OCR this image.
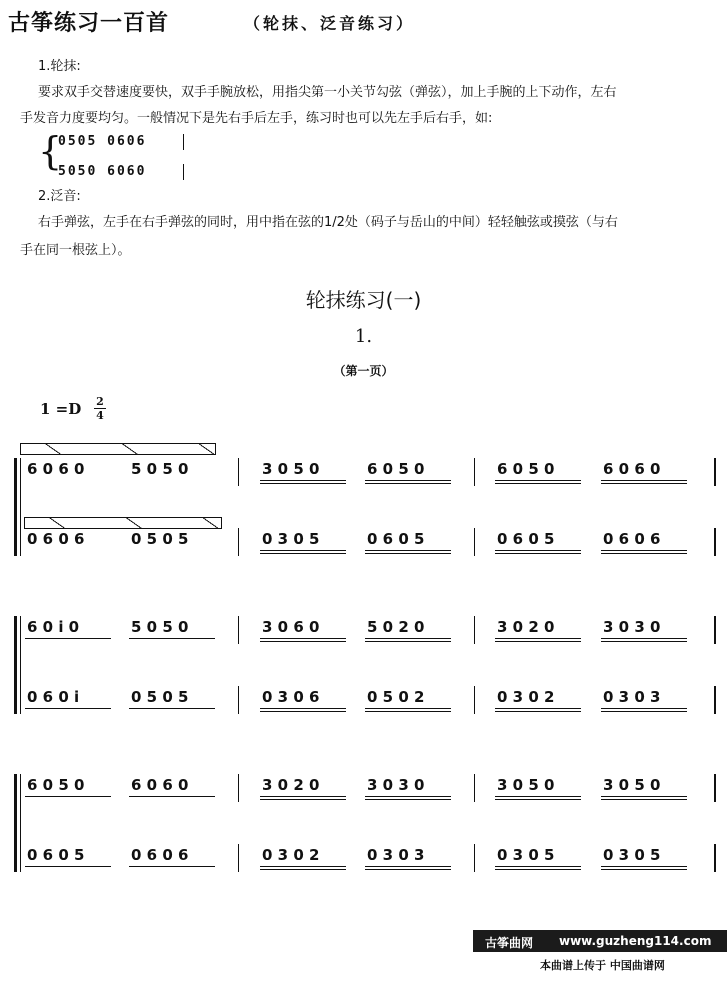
古筝练习一百首	（轮抹、泛音练习）
1.轮抹:
要求双手交替速度要快，双手手腕放松，用指尖第一小关节勾弦（弹弦），加上手腕的上下动作，左右
手发音力度要均匀。一般情况下是先右手后左手，练习时也可以先左手后右手，如:
{
0505 0606
5050 6060
2.泛音:
右手弹弦，左手在右手弹弦的同时，用中指在弦的1/2处（码子与岳山的中间）轻轻触弦或摸弦（与右
手在同一根弦上）。
轮抹练习(一)
1.
（第一页）
1 =D 2
4
6 0 6 0	5 0 5 0	3 0 5 0	6 0 5 0	6 0 5 0	6 0 6 0
0 6 0 6	0 5 0 5	0 3 0 5	0 6 0 5	0 6 0 5	0 6 0 6
6 0 i 0	5 0 5 0	3 0 6 0	5 0 2 0	3 0 2 0	3 0 3 0
0 6 0 i	0 5 0 5	0 3 0 6	0 5 0 2	0 3 0 2	0 3 0 3
6 0 5 0	6 0 6 0	3 0 2 0	3 0 3 0	3 0 5 0	3 0 5 0
0 6 0 5	0 6 0 6	0 3 0 2	0 3 0 3	0 3 0 5	0 3 0 5
古筝曲网 www.guzheng114.com
本曲谱上传于 中国曲谱网
